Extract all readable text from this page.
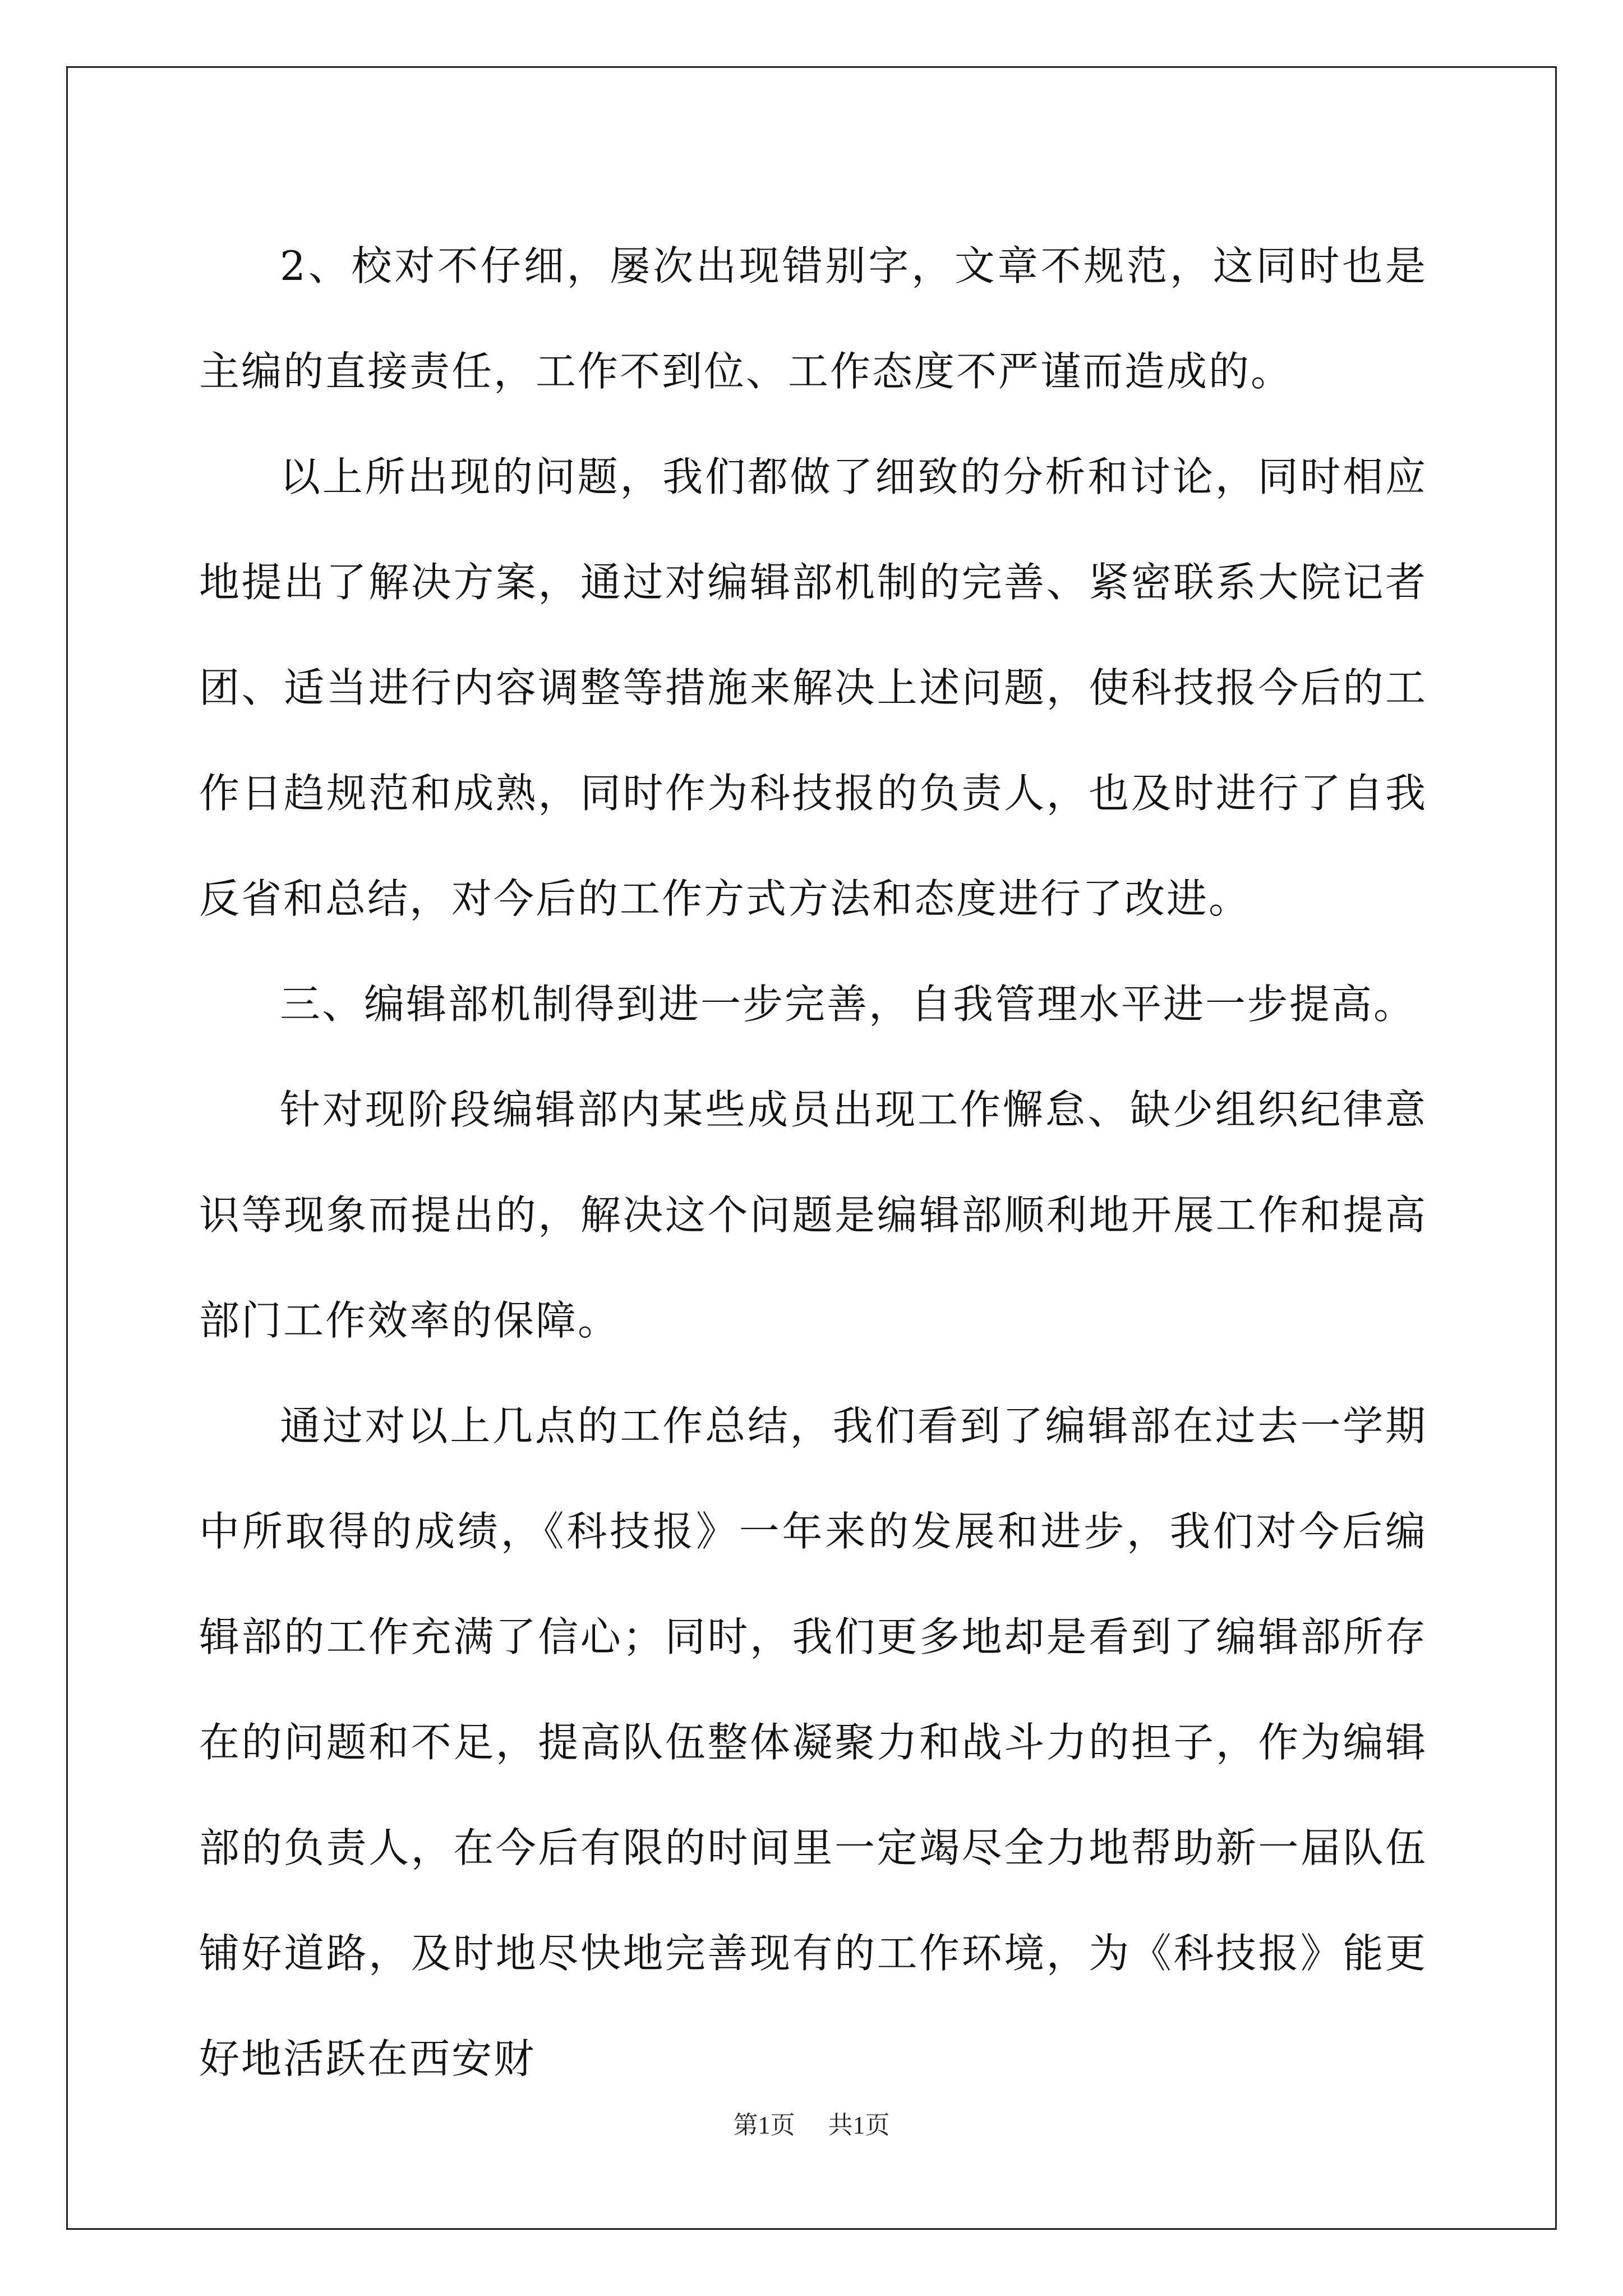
2、校对不仔细，屡次出现错别字，文章不规范，这同时也是主编的直接责任，工作不到位、工作态度不严谨而造成的。

以上所出现的问题，我们都做了细致的分析和讨论，同时相应地提出了解决方案，通过对编辑部机制的完善、紧密联系大院记者团、适当进行内容调整等措施来解决上述问题，使科技报今后的工作日趋规范和成熟，同时作为科技报的负责人，也及时进行了自我反省和总结，对今后的工作方式方法和态度进行了改进。

三、编辑部机制得到进一步完善，自我管理水平进一步提高。

针对现阶段编辑部内某些成员出现工作懈怠、缺少组织纪律意识等现象而提出的，解决这个问题是编辑部顺利地开展工作和提高部门工作效率的保障。

通过对以上几点的工作总结，我们看到了编辑部在过去一学期中所取得的成绩，《科技报》一年来的发展和进步，我们对今后编辑部的工作充满了信心；同时，我们更多地却是看到了编辑部所存在的问题和不足，提高队伍整体凝聚力和战斗力的担子，作为编辑部的负责人，在今后有限的时间里一定竭尽全力地帮助新一届队伍铺好道路，及时地尽快地完善现有的工作环境，为《科技报》能更好地活跃在西安财

第1页 共1页
